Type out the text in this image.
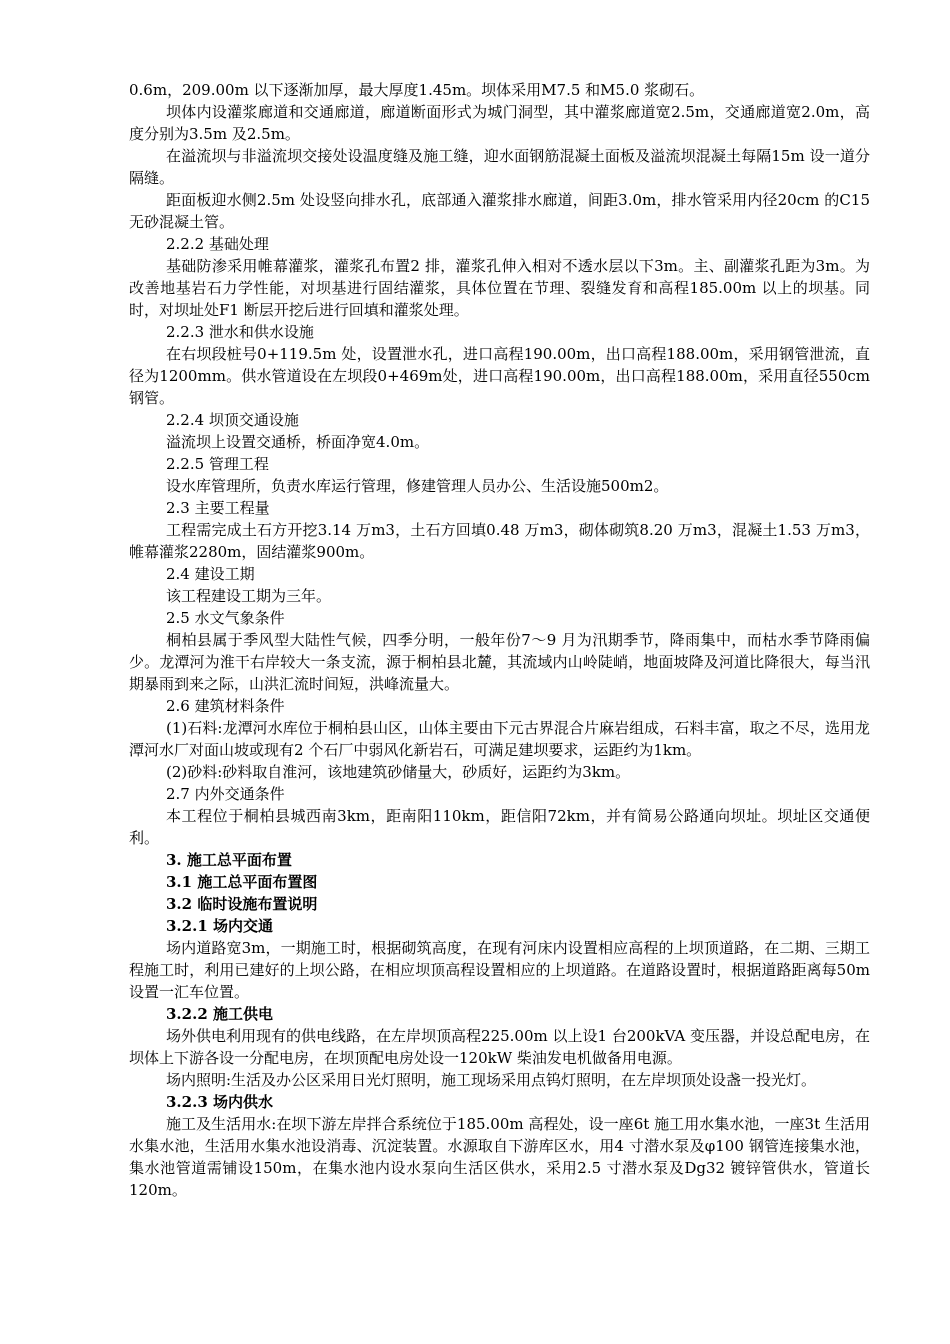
0.6m，209.00m 以下逐渐加厚，最大厚度1.45m。坝体采用M7.5 和M5.0 浆砌石。

坝体内设灌浆廊道和交通廊道，廊道断面形式为城门洞型，其中灌浆廊道宽2.5m，交通廊道宽2.0m，高度分别为3.5m 及2.5m。

在溢流坝与非溢流坝交接处设温度缝及施工缝，迎水面钢筋混凝土面板及溢流坝混凝土每隔15m 设一道分隔缝。

距面板迎水侧2.5m 处设竖向排水孔，底部通入灌浆排水廊道，间距3.0m，排水管采用内径20cm 的C15 无砂混凝土管。

2.2.2 基础处理

基础防渗采用帷幕灌浆，灌浆孔布置2 排，灌浆孔伸入相对不透水层以下3m。主、副灌浆孔距为3m。为改善地基岩石力学性能，对坝基进行固结灌浆，具体位置在节理、裂缝发育和高程185.00m 以上的坝基。同时，对坝址处F1 断层开挖后进行回填和灌浆处理。

2.2.3 泄水和供水设施

在右坝段桩号0+119.5m 处，设置泄水孔，进口高程190.00m，出口高程188.00m，采用钢管泄流，直径为1200mm。供水管道设在左坝段0+469m处，进口高程190.00m，出口高程188.00m，采用直径550cm 钢管。

2.2.4 坝顶交通设施

溢流坝上设置交通桥，桥面净宽4.0m。

2.2.5 管理工程

设水库管理所，负责水库运行管理，修建管理人员办公、生活设施500m2。

2.3 主要工程量

工程需完成土石方开挖3.14 万m3，土石方回填0.48 万m3，砌体砌筑8.20 万m3，混凝土1.53 万m3，帷幕灌浆2280m，固结灌浆900m。

2.4 建设工期

该工程建设工期为三年。

2.5 水文气象条件

桐柏县属于季风型大陆性气候，四季分明，一般年份7～9 月为汛期季节，降雨集中，而枯水季节降雨偏少。龙潭河为淮干右岸较大一条支流，源于桐柏县北麓，其流域内山岭陡峭，地面坡降及河道比降很大，每当汛期暴雨到来之际，山洪汇流时间短，洪峰流量大。

2.6 建筑材料条件

(1)石料:龙潭河水库位于桐柏县山区，山体主要由下元古界混合片麻岩组成，石料丰富，取之不尽，选用龙潭河水厂对面山坡或现有2 个石厂中弱风化新岩石，可满足建坝要求，运距约为1km。

(2)砂料:砂料取自淮河，该地建筑砂储量大，砂质好，运距约为3km。

2.7 内外交通条件

本工程位于桐柏县城西南3km，距南阳110km，距信阳72km，并有简易公路通向坝址。坝址区交通便利。

3. 施工总平面布置

3.1 施工总平面布置图

3.2 临时设施布置说明

3.2.1 场内交通

场内道路宽3m，一期施工时，根据砌筑高度，在现有河床内设置相应高程的上坝顶道路，在二期、三期工程施工时，利用已建好的上坝公路，在相应坝顶高程设置相应的上坝道路。在道路设置时，根据道路距离每50m 设置一汇车位置。

3.2.2 施工供电

场外供电利用现有的供电线路，在左岸坝顶高程225.00m 以上设1 台200kVA 变压器，并设总配电房，在坝体上下游各设一分配电房，在坝顶配电房处设一120kW 柴油发电机做备用电源。

场内照明:生活及办公区采用日光灯照明，施工现场采用点钨灯照明，在左岸坝顶处设盏一投光灯。

3.2.3 场内供水

施工及生活用水:在坝下游左岸拌合系统位于185.00m 高程处，设一座6t 施工用水集水池，一座3t 生活用水集水池，生活用水集水池设消毒、沉淀装置。水源取自下游库区水，用4 寸潜水泵及φ100 钢管连接集水池，集水池管道需铺设150m，在集水池内设水泵向生活区供水，采用2.5 寸潜水泵及Dg32 镀锌管供水，管道长120m。
